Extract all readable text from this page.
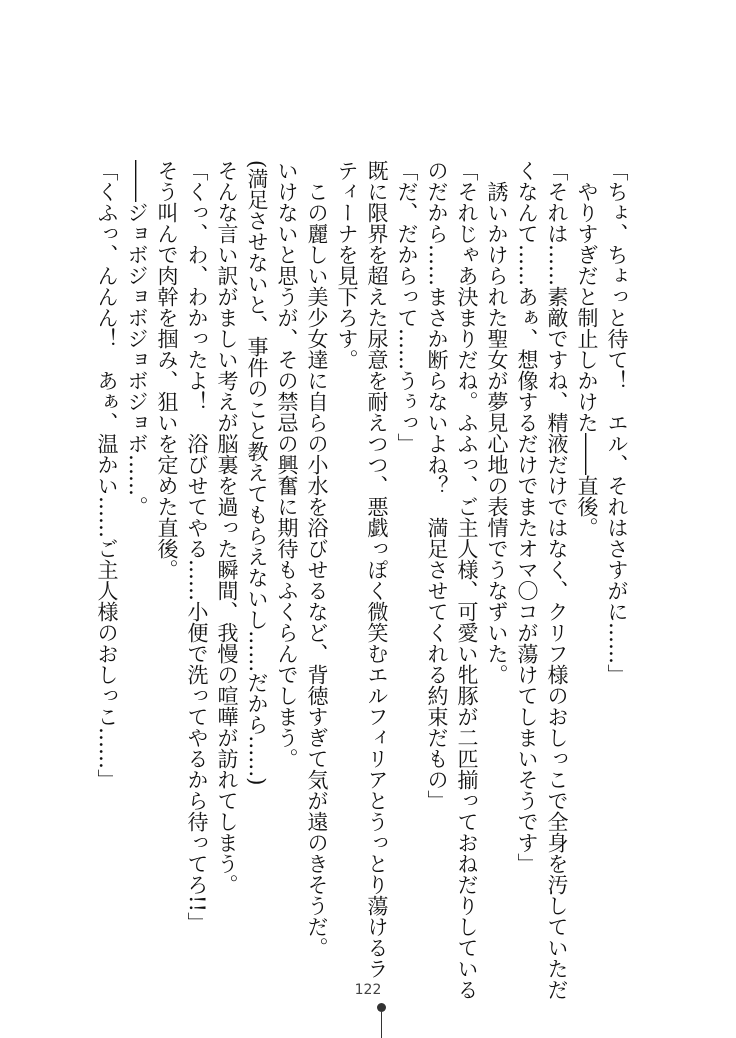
「ちょ、ちょっと待て！　エル、それはさすがに……」
やりすぎだと制止しかけた――直後。
「それは……素敵ですね、精液だけではなく、クリフ様のおしっこで全身を汚していただ
くなんて……あぁ、想像するだけでまたオマ〇コが蕩けてしまいそうです」
誘いかけられた聖女が夢見心地の表情でうなずいた。
「それじゃあ決まりだね。ふふっ、ご主人様、可愛い牝豚が二匹揃っておねだりしている
のだから……まさか断らないよね？　満足させてくれる約束だもの」
「だ、だからって……うぅっ」
既に限界を超えた尿意を耐えつつ、悪戯っぽく微笑むエルフィリアとうっとり蕩けるラ
ティーナを見下ろす。
この麗しい美少女達に自らの小水を浴びせるなど、背徳すぎて気が遠のきそうだ。
いけないと思うが、その禁忌の興奮に期待もふくらんでしまう。
(満足させないと、事件のこと教えてもらえないし……だから……)
そんな言い訳がましい考えが脳裏を過った瞬間、我慢の喧嘩が訪れてしまう。
「くっ、わ、わかったよ！　浴びせてやる……小便で洗ってやるから待ってろ!!」
そう叫んで肉幹を掴み、狙いを定めた直後。
――ジョボジョボジョボジョボ……。
「くふっ、んんん！　あぁ、温かい……ご主人様のおしっこ……」
122
